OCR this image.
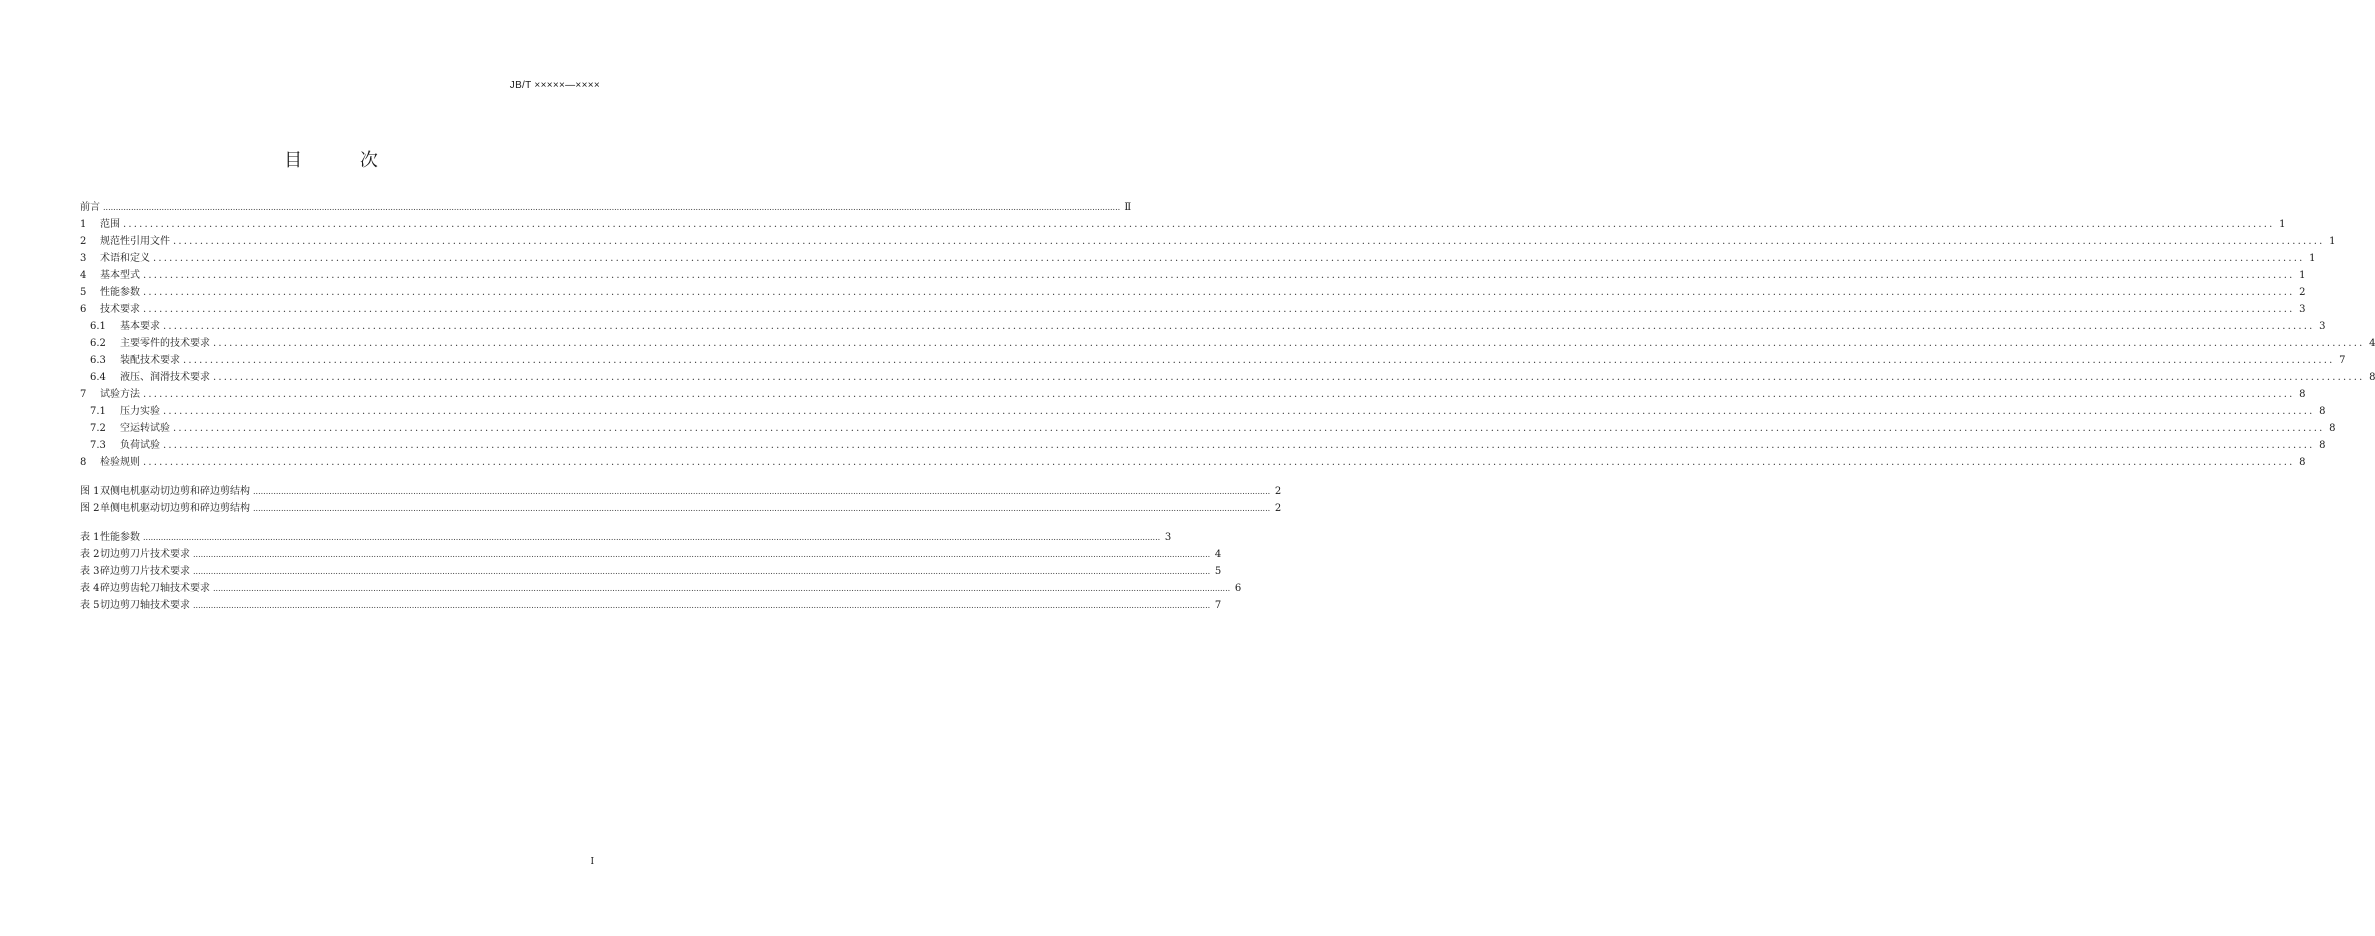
JB/T ×××××—××××
目 次
前言 ................................................................................................................................................................................................................................................................................................................................................................................................................ Ⅱ
1	范围 ................................................................................................................................................................................................................................................................................................................................................................................................................ 1
2	规范性引用文件 ................................................................................................................................................................................................................................................................................................................................................................................................................ 1
3	术语和定义 ................................................................................................................................................................................................................................................................................................................................................................................................................ 1
4	基本型式 ................................................................................................................................................................................................................................................................................................................................................................................................................ 1
5	性能参数 ................................................................................................................................................................................................................................................................................................................................................................................................................ 2
6	技术要求 ................................................................................................................................................................................................................................................................................................................................................................................................................ 3
6.1	基本要求 ................................................................................................................................................................................................................................................................................................................................................................................................................ 3
6.2	主要零件的技术要求 ................................................................................................................................................................................................................................................................................................................................................................................................................ 4
6.3	装配技术要求 ................................................................................................................................................................................................................................................................................................................................................................................................................ 7
6.4	液压、润滑技术要求 ................................................................................................................................................................................................................................................................................................................................................................................................................ 8
7	试验方法 ................................................................................................................................................................................................................................................................................................................................................................................................................ 8
7.1	压力实验 ................................................................................................................................................................................................................................................................................................................................................................................................................ 8
7.2	空运转试验 ................................................................................................................................................................................................................................................................................................................................................................................................................ 8
7.3	负荷试验 ................................................................................................................................................................................................................................................................................................................................................................................................................ 8
8	检验规则 ................................................................................................................................................................................................................................................................................................................................................................................................................ 8
图 1 双侧电机驱动切边剪和碎边剪结构 ................................................................................................................................................................................................................................................................................................................................................................................................................ 2
图 2 单侧电机驱动切边剪和碎边剪结构 ................................................................................................................................................................................................................................................................................................................................................................................................................ 2
表 1 性能参数 ................................................................................................................................................................................................................................................................................................................................................................................................................ 3
表 2 切边剪刀片技术要求 ................................................................................................................................................................................................................................................................................................................................................................................................................ 4
表 3 碎边剪刀片技术要求 ................................................................................................................................................................................................................................................................................................................................................................................................................ 5
表 4 碎边剪齿轮刀轴技术要求 ................................................................................................................................................................................................................................................................................................................................................................................................................ 6
表 5 切边剪刀轴技术要求 ................................................................................................................................................................................................................................................................................................................................................................................................................ 7
I
